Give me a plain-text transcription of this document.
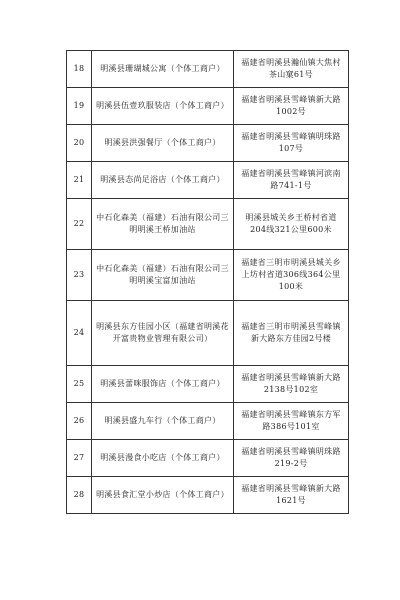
18	明溪县珊瑚城公寓（个体工商户）	福建省明溪县瀚仙镇大焦村茶山窠61号
19	明溪县伍壹玖服装店（个体工商户）	福建省明溪县雪峰镇新大路1002号
20	明溪县洪强餐厅（个体工商户）	福建省明溪县雪峰镇明珠路107号
21	明溪县态尚足浴店（个体工商户）	福建省明溪县雪峰镇河滨南路741-1号
22	中石化森美（福建）石油有限公司三明明溪王桥加油站	明溪县城关乡王桥村省道204线321公里600米
23	中石化森美（福建）石油有限公司三明明溪宝富加油站	福建省三明市明溪县城关乡上坊村省道306线364公里100米
24	明溪县东方佳园小区（福建省明溪花开富贵物业管理有限公司）	福建省三明市明溪县雪峰镇新大路东方佳园2号楼
25	明溪县蕾咪服饰店（个体工商户）	福建省明溪县雪峰镇新大路2138号102室
26	明溪县盛九车行（个体工商户）	福建省明溪县雪峰镇东方军路386号101室
27	明溪县漫食小吃店（个体工商户）	福建省明溪县雪峰镇明珠路219-2号
28	明溪县食汇堂小炒店（个体工商户）	福建省明溪县雪峰镇新大路1621号
